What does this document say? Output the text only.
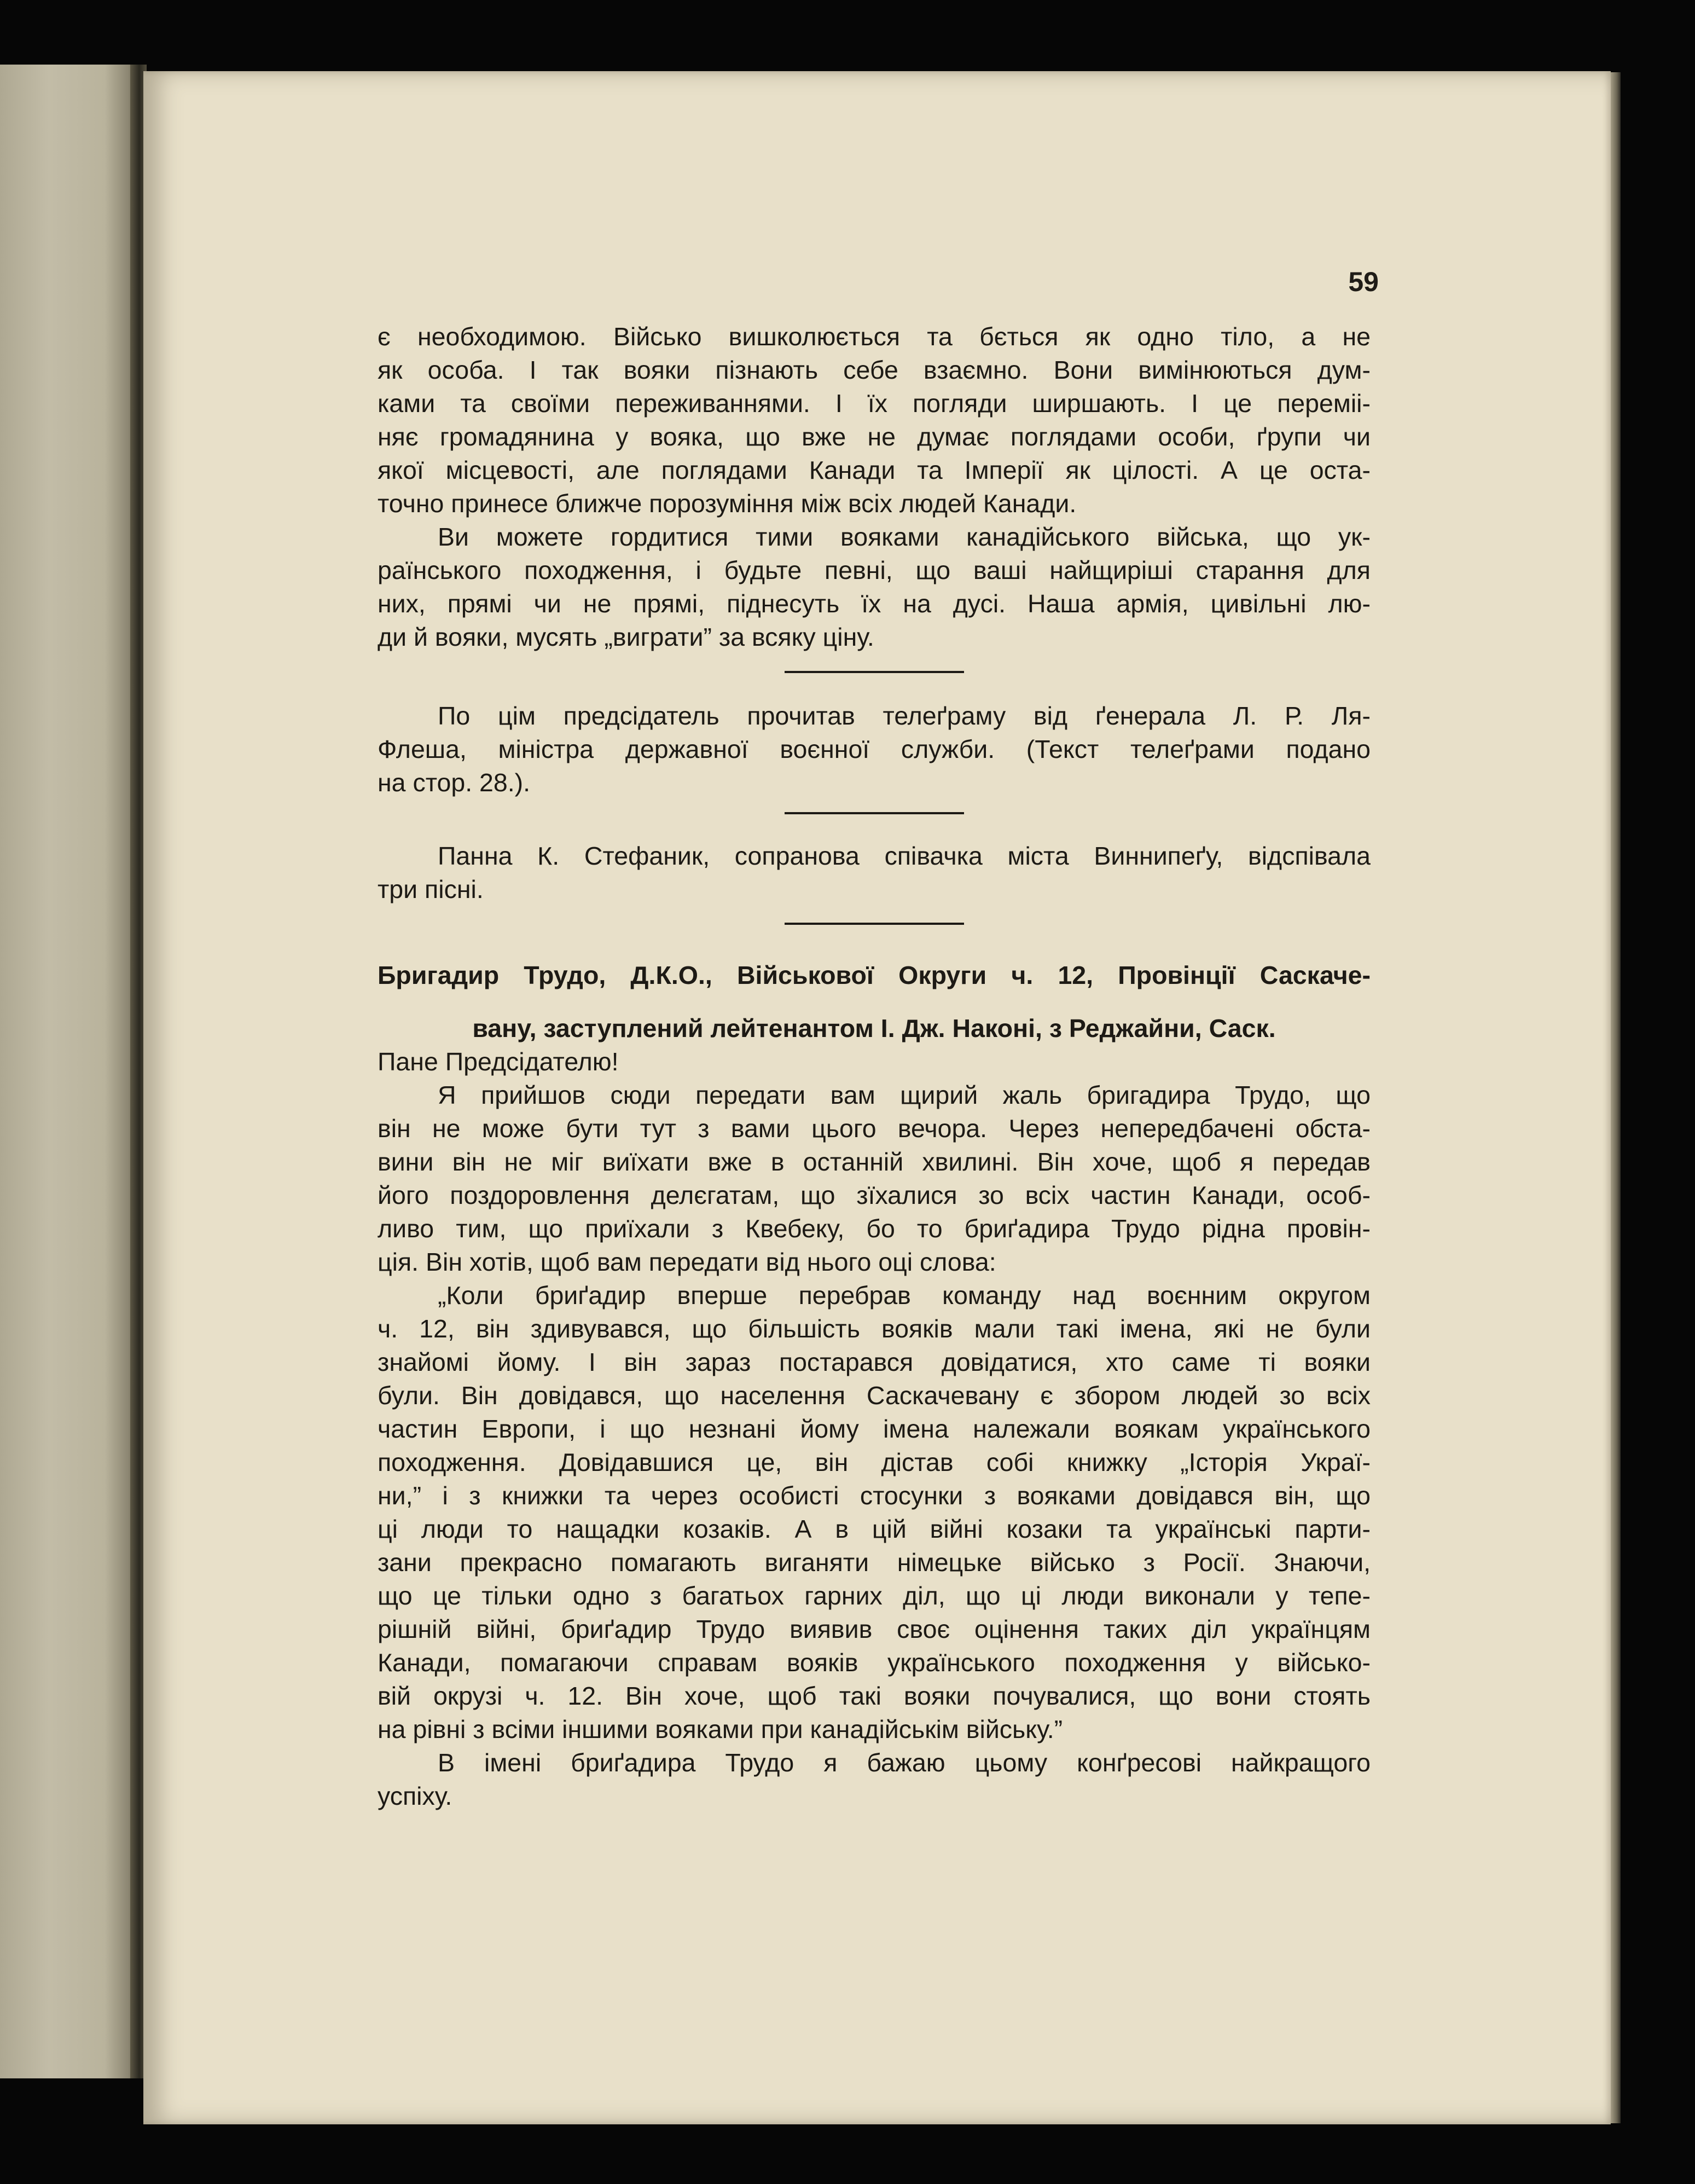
59

є необходимою. Військо вишколюється та бється як одно тіло, а не
як особа. І так вояки пізнають себе взаємно. Вони вимінюються дум-
ками та своїми переживаннями. І їх погляди ширшають. І це переміі-
няє громадянина у вояка, що вже не думає поглядами особи, ґрупи чи
якої місцевості, але поглядами Канади та Імперії як цілості. А це оста-
точно принесе ближче порозуміння між всіх людей Канади.

Ви можете гордитися тими вояками канадійського війська, що ук-
раїнського походження, і будьте певні, що ваші найщиріші старання для
них, прямі чи не прямі, піднесуть їх на дусі. Наша армія, цивільні лю-
ди й вояки, мусять „виграти” за всяку ціну.

По цім предсідатель прочитав телеґраму від ґенерала Л. Р. Ля-
Флеша, міністра державної воєнної служби. (Текст телеґрами подано
на стор. 28.).

Панна К. Стефаник, сопранова співачка міста Виннипеґу, відспівала
три пісні.

Бригадир Трудо, Д.К.О., Військової Округи ч. 12, Провінції Саскаче-
вану, заступлений лейтенантом І. Дж. Наконі, з Реджайни, Саск.

Пане Предсідателю!

Я прийшов сюди передати вам щирий жаль бригадира Трудо, що
він не може бути тут з вами цього вечора. Через непередбачені обста-
вини він не міг виїхати вже в останній хвилині. Він хоче, щоб я передав
його поздоровлення делєгатам, що зїхалися зо всіх частин Канади, особ-
ливо тим, що приїхали з Квебеку, бо то бриґадира Трудо рідна провін-
ція. Він хотів, щоб вам передати від нього оці слова:

„Коли бриґадир вперше перебрав команду над воєнним округом
ч. 12, він здивувався, що більшість вояків мали такі імена, які не були
знайомі йому. І він зараз постарався довідатися, хто саме ті вояки
були. Він довідався, що населення Саскачевану є збором людей зо всіх
частин Европи, і що незнані йому імена належали воякам українського
походження. Довідавшися це, він дістав собі книжку „Історія Украї-
ни,” і з книжки та через особисті стосунки з вояками довідався він, що
ці люди то нащадки козаків. А в цій війні козаки та українські парти-
зани прекрасно помагають виганяти німецьке військо з Росії. Знаючи,
що це тільки одно з багатьох гарних діл, що ці люди виконали у тепе-
рішній війні, бриґадир Трудо виявив своє оцінення таких діл українцям
Канади, помагаючи справам вояків українського походження у військо-
вій окрузі ч. 12. Він хоче, щоб такі вояки почувалися, що вони стоять
на рівні з всіми іншими вояками при канадійськім війську.”

В імені бриґадира Трудо я бажаю цьому конґресові найкращого
успіху.
